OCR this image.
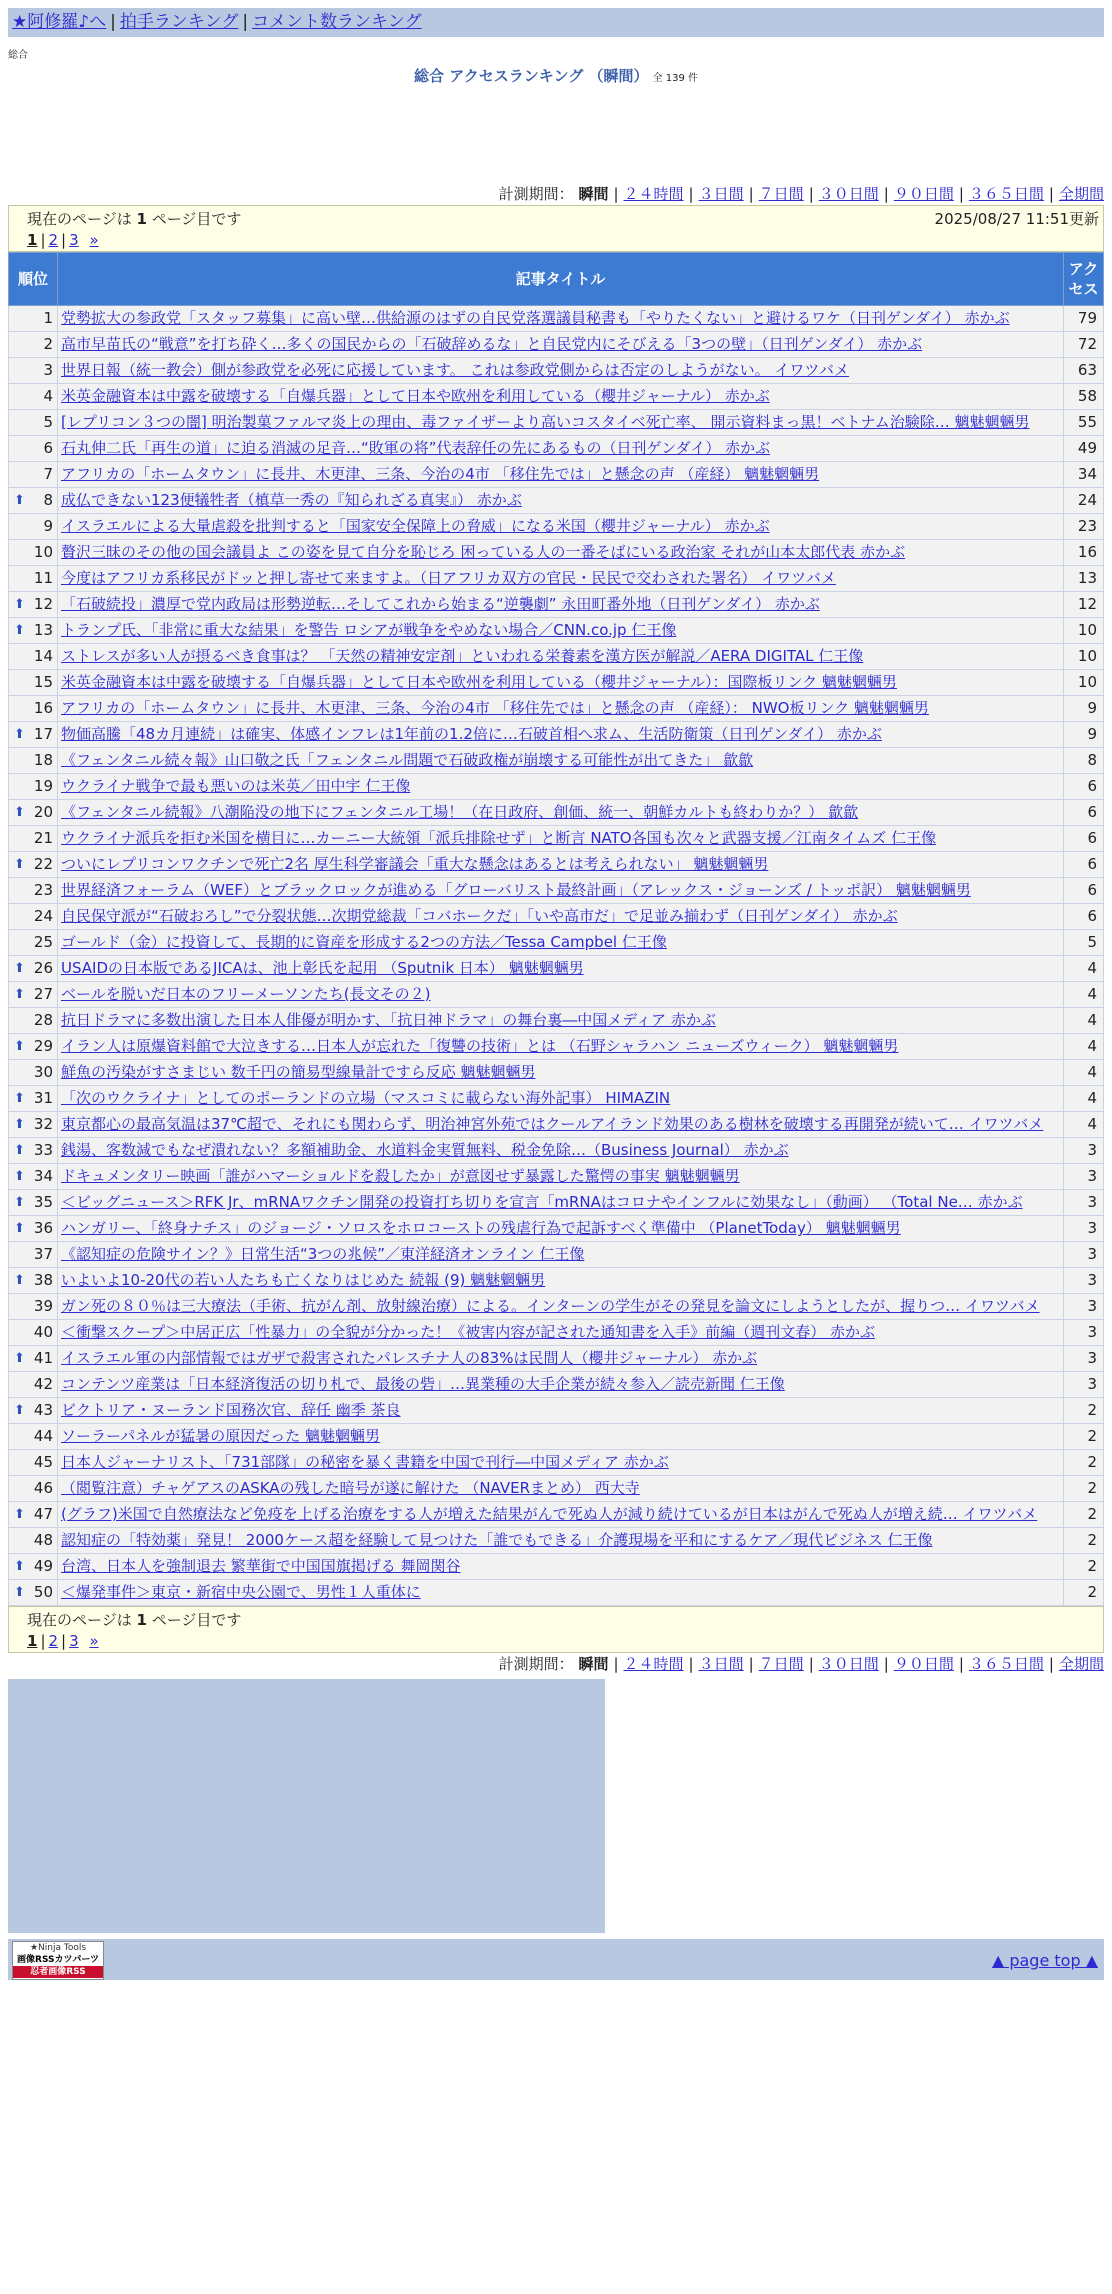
★阿修羅♪へ | 拍手ランキング | コメント数ランキング
総合
総合 アクセスランキング （瞬間） 全 139 件
計測期間： 瞬間 | ２４時間 | ３日間 | ７日間 | ３０日間 | ９０日間 | ３６５日間 | 全期間
現在のページは 1 ページ目です	2025/08/27 11:51更新
1 | 2 | 3 »
順位	記事タイトル	アクセス
1	党勢拡大の参政党「スタッフ募集」に高い壁…供給源のはずの自民党落選議員秘書も「やりたくない」と避けるワケ（日刊ゲンダイ） 赤かぶ	79
2	高市早苗氏の“戦意”を打ち砕く…多くの国民からの「石破辞めるな」と自民党内にそびえる「3つの壁」（日刊ゲンダイ） 赤かぶ	72
3	世界日報（統一教会）側が参政党を必死に応援しています。 これは参政党側からは否定のしようがない。 イワツバメ	63
4	米英金融資本は中露を破壊する「自爆兵器」として日本や欧州を利用している（櫻井ジャーナル） 赤かぶ	58
5	[レプリコン３つの闇] 明治製菓ファルマ炎上の理由、毒ファイザーより高いコスタイベ死亡率、 開示資料まっ黒！ベトナム治験除… 魑魅魍魎男	55
6	石丸伸二氏「再生の道」に迫る消滅の足音…“敗軍の将”代表辞任の先にあるもの（日刊ゲンダイ） 赤かぶ	49
7	アフリカの「ホームタウン」に長井、木更津、三条、今治の4市 「移住先では」と懸念の声 （産経） 魑魅魍魎男	34

⬆ 8	成仏できない123便犠牲者（槙草一秀の『知られざる真実』） 赤かぶ	24
9	イスラエルによる大量虐殺を批判すると「国家安全保障上の脅威」になる米国（櫻井ジャーナル） 赤かぶ	23
10	贅沢三昧のその他の国会議員よ この姿を見て自分を恥じろ 困っている人の一番そばにいる政治家 それが山本太郎代表 赤かぶ	16
11	今度はアフリカ系移民がドッと押し寄せて来ますよ。（日アフリカ双方の官民・民民で交わされた署名） イワツバメ	13

⬆ 12	「石破続投」濃厚で党内政局は形勢逆転…そしてこれから始まる“逆襲劇” 永田町番外地（日刊ゲンダイ） 赤かぶ	12

⬆ 13	トランプ氏、「非常に重大な結果」を警告 ロシアが戦争をやめない場合／CNN.co.jp 仁王像	10
14	ストレスが多い人が摂るべき食事は？ 「天然の精神安定剤」といわれる栄養素を漢方医が解説／AERA DIGITAL 仁王像	10
15	米英金融資本は中露を破壊する「自爆兵器」として日本や欧州を利用している（櫻井ジャーナル）：国際板リンク 魑魅魍魎男	10
16	アフリカの「ホームタウン」に長井、木更津、三条、今治の4市 「移住先では」と懸念の声 （産経）： NWO板リンク 魑魅魍魎男	9

⬆ 17	物価高騰「48カ月連続」は確実、体感インフレは1年前の1.2倍に…石破首相へ求ム、生活防衛策（日刊ゲンダイ） 赤かぶ	9
18	《フェンタニル続々報》山口敬之氏「フェンタニル問題で石破政権が崩壊する可能性が出てきた」 歙歙	8
19	ウクライナ戦争で最も悪いのは米英／田中宇 仁王像	6

⬆ 20	《フェンタニル続報》八潮陥没の地下にフェンタニル工場！（在日政府、創価、統一、朝鮮カルトも終わりか？） 歙歙	6
21	ウクライナ派兵を拒む米国を横目に…カーニー大統領「派兵排除せず」と断言 NATO各国も次々と武器支援／江南タイムズ 仁王像	6

⬆ 22	ついにレプリコンワクチンで死亡2名 厚生科学審議会「重大な懸念はあるとは考えられない」 魑魅魍魎男	6
23	世界経済フォーラム（WEF）とブラックロックが進める「グローバリスト最終計画」（アレックス・ジョーンズ / トッポ訳） 魑魅魍魎男	6
24	自民保守派が“石破おろし”で分裂状態…次期党総裁「コバホークだ」「いや高市だ」で足並み揃わず（日刊ゲンダイ） 赤かぶ	6
25	ゴールド（金）に投資して、長期的に資産を形成する2つの方法／Tessa Campbel 仁王像	5

⬆ 26	USAIDの日本版であるJICAは、池上彰氏を起用 （Sputnik 日本） 魑魅魍魎男	4

⬆ 27	ベールを脱いだ日本のフリーメーソンたち(長文その２)	4
28	抗日ドラマに多数出演した日本人俳優が明かす、「抗日神ドラマ」の舞台裏―中国メディア 赤かぶ	4

⬆ 29	イラン人は原爆資料館で大泣きする…日本人が忘れた「復讐の技術」とは （石野シャラハン ニューズウィーク） 魑魅魍魎男	4
30	鮮魚の汚染がすさまじい 数千円の簡易型線量計ですら反応 魑魅魍魎男	4

⬆ 31	「次のウクライナ」としてのポーランドの立場（マスコミに載らない海外記事） HIMAZIN	4

⬆ 32	東京都心の最高気温は37℃超で、それにも関わらず、明治神宮外苑ではクールアイランド効果のある樹林を破壊する再開発が続いて… イワツバメ	4

⬆ 33	銭湯、客数減でもなぜ潰れない？多額補助金、水道料金実質無料、税金免除…（Business Journal） 赤かぶ	3

⬆ 34	ドキュメンタリー映画「誰がハマーショルドを殺したか」が意図せず暴露した驚愕の事実 魑魅魍魎男	3

⬆ 35	＜ビッグニュース＞RFK Jr、mRNAワクチン開発の投資打ち切りを宣言「mRNAはコロナやインフルに効果なし」（動画） （Total Ne… 赤かぶ	3

⬆ 36	ハンガリー、「終身ナチス」のジョージ・ソロスをホロコーストの残虐行為で起訴すべく準備中 （PlanetToday） 魑魅魍魎男	3
37	《認知症の危険サイン？》日常生活“3つの兆候”／東洋経済オンライン 仁王像	3

⬆ 38	いよいよ10-20代の若い人たちも亡くなりはじめた 続報 (9) 魑魅魍魎男	3
39	ガン死の８０％は三大療法（手術、抗がん剤、放射線治療）による。インターンの学生がその発見を論文にしようとしたが、握りつ… イワツバメ	3
40	＜衝撃スクープ＞中居正広「性暴力」の全貌が分かった！《被害内容が記された通知書を入手》前編（週刊文春） 赤かぶ	3

⬆ 41	イスラエル軍の内部情報ではガザで殺害されたパレスチナ人の83%は民間人（櫻井ジャーナル） 赤かぶ	3
42	コンテンツ産業は「日本経済復活の切り札で、最後の砦」…異業種の大手企業が続々参入／読売新聞 仁王像	3

⬆ 43	ビクトリア・ヌーランド国務次官、辞任 幽季 茶良	2
44	ソーラーパネルが猛暑の原因だった 魑魅魍魎男	2
45	日本人ジャーナリスト、「731部隊」の秘密を暴く書籍を中国で刊行―中国メディア 赤かぶ	2
46	（閲覧注意）チャゲアスのASKAの残した暗号が遂に解けた （NAVERまとめ） 西大寺	2

⬆ 47	(グラフ)米国で自然療法など免疫を上げる治療をする人が増えた結果がんで死ぬ人が減り続けているが日本はがんで死ぬ人が増え続… イワツバメ	2
48	認知症の「特効薬」発見！ 2000ケース超を経験して見つけた「誰でもできる」介護現場を平和にするケア／現代ビジネス 仁王像	2

⬆ 49	台湾、日本人を強制退去 繁華街で中国国旗掲げる 舞岡関谷	2

⬆ 50	＜爆発事件＞東京・新宿中央公園で、男性１人重体に	2
現在のページは 1 ページ目です
1 | 2 | 3 »
計測期間： 瞬間 | ２４時間 | ３日間 | ７日間 | ３０日間 | ９０日間 | ３６５日間 | 全期間
★Ninja Tools
画像RSSカツパーツ
忍者画像RSS
▲ page top ▲
